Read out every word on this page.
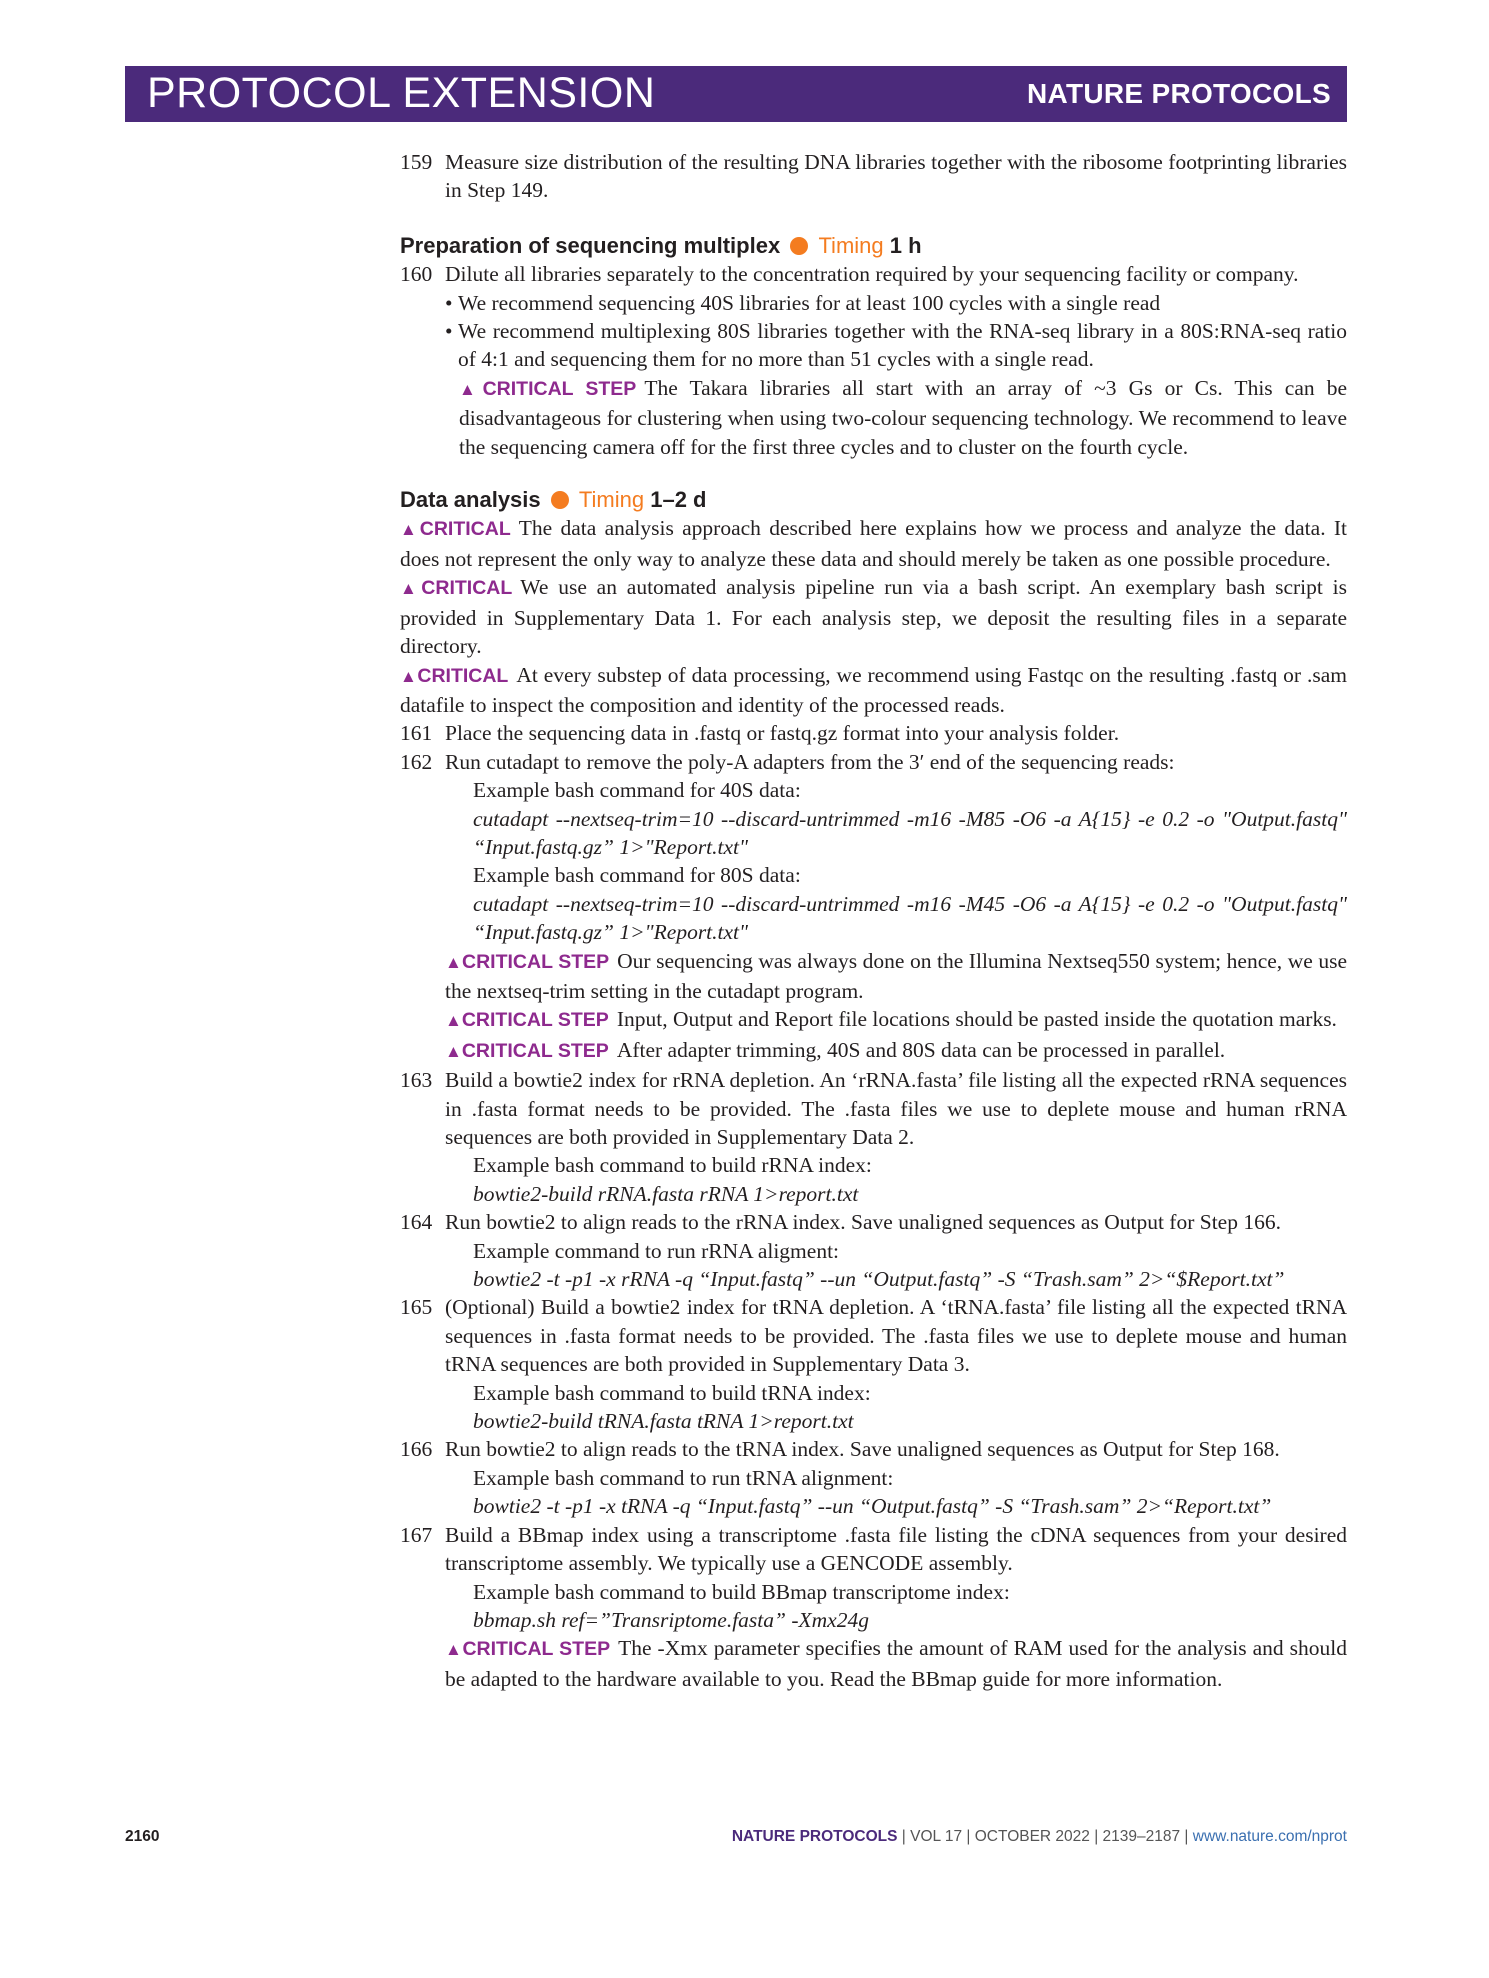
PROTOCOL EXTENSION	NATURE PROTOCOLS
159 Measure size distribution of the resulting DNA libraries together with the ribosome footprinting libraries in Step 149.
Preparation of sequencing multiplex Timing 1 h
160 Dilute all libraries separately to the concentration required by your sequencing facility or company.
• We recommend sequencing 40S libraries for at least 100 cycles with a single read
• We recommend multiplexing 80S libraries together with the RNA-seq library in a 80S:RNA-seq ratio of 4:1 and sequencing them for no more than 51 cycles with a single read.
▲CRITICAL STEP The Takara libraries all start with an array of ~3 Gs or Cs. This can be disadvantageous for clustering when using two-colour sequencing technology. We recommend to leave the sequencing camera off for the first three cycles and to cluster on the fourth cycle.
Data analysis Timing 1–2 d
▲CRITICAL The data analysis approach described here explains how we process and analyze the data. It does not represent the only way to analyze these data and should merely be taken as one possible procedure.
▲CRITICAL We use an automated analysis pipeline run via a bash script. An exemplary bash script is provided in Supplementary Data 1. For each analysis step, we deposit the resulting files in a separate directory.
▲CRITICAL At every substep of data processing, we recommend using Fastqc on the resulting .fastq or .sam datafile to inspect the composition and identity of the processed reads.
161 Place the sequencing data in .fastq or fastq.gz format into your analysis folder.
162 Run cutadapt to remove the poly-A adapters from the 3′ end of the sequencing reads:
Example bash command for 40S data:
cutadapt --nextseq-trim=10 --discard-untrimmed -m16 -M85 -O6 -a A{15} -e 0.2 -o "Output.fastq" “Input.fastq.gz” 1>"Report.txt"
Example bash command for 80S data:
cutadapt --nextseq-trim=10 --discard-untrimmed -m16 -M45 -O6 -a A{15} -e 0.2 -o "Output.fastq" “Input.fastq.gz” 1>"Report.txt"
▲CRITICAL STEP Our sequencing was always done on the Illumina Nextseq550 system; hence, we use the nextseq-trim setting in the cutadapt program.
▲CRITICAL STEP Input, Output and Report file locations should be pasted inside the quotation marks.
▲CRITICAL STEP After adapter trimming, 40S and 80S data can be processed in parallel.
163 Build a bowtie2 index for rRNA depletion. An ‘rRNA.fasta’ file listing all the expected rRNA sequences in .fasta format needs to be provided. The .fasta files we use to deplete mouse and human rRNA sequences are both provided in Supplementary Data 2.
Example bash command to build rRNA index:
bowtie2-build rRNA.fasta rRNA 1>report.txt
164 Run bowtie2 to align reads to the rRNA index. Save unaligned sequences as Output for Step 166.
Example command to run rRNA aligment:
bowtie2 -t -p1 -x rRNA -q “Input.fastq” --un “Output.fastq” -S “Trash.sam” 2>“$Report.txt”
165 (Optional) Build a bowtie2 index for tRNA depletion. A ‘tRNA.fasta’ file listing all the expected tRNA sequences in .fasta format needs to be provided. The .fasta files we use to deplete mouse and human tRNA sequences are both provided in Supplementary Data 3.
Example bash command to build tRNA index:
bowtie2-build tRNA.fasta tRNA 1>report.txt
166 Run bowtie2 to align reads to the tRNA index. Save unaligned sequences as Output for Step 168.
Example bash command to run tRNA alignment:
bowtie2 -t -p1 -x tRNA -q “Input.fastq” --un “Output.fastq” -S “Trash.sam” 2>“Report.txt”
167 Build a BBmap index using a transcriptome .fasta file listing the cDNA sequences from your desired transcriptome assembly. We typically use a GENCODE assembly.
Example bash command to build BBmap transcriptome index:
bbmap.sh ref=”Transriptome.fasta” -Xmx24g
▲CRITICAL STEP The -Xmx parameter specifies the amount of RAM used for the analysis and should be adapted to the hardware available to you. Read the BBmap guide for more information.
2160	NATURE PROTOCOLS | VOL 17 | OCTOBER 2022 | 2139–2187 | www.nature.com/nprot
